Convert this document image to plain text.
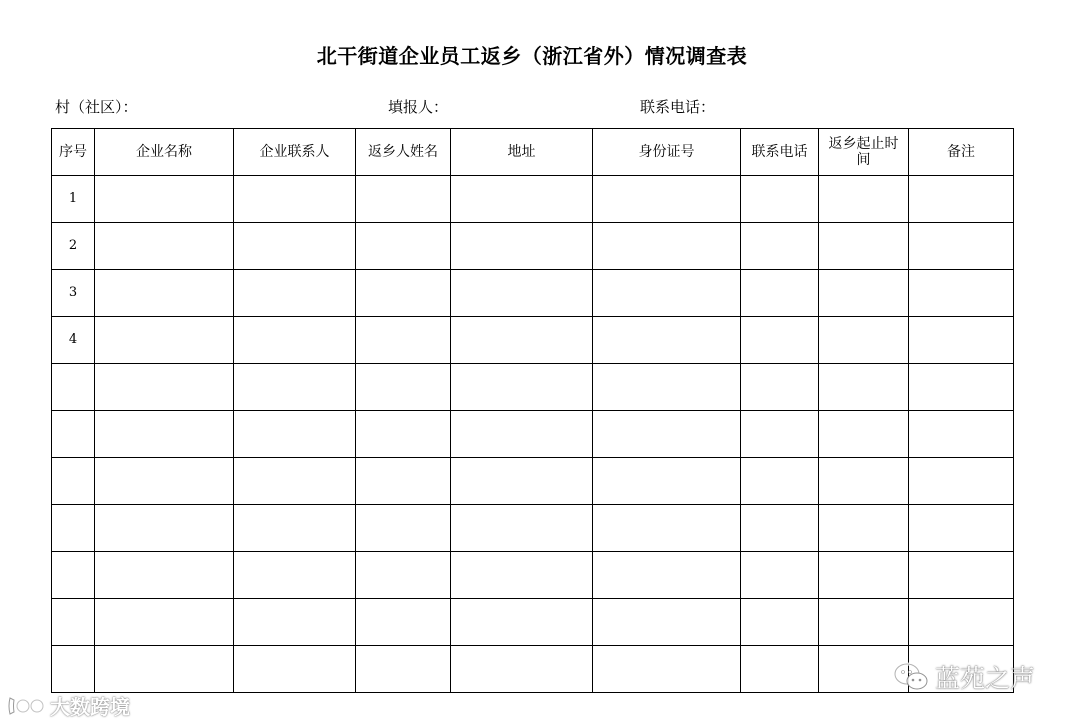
北干街道企业员工返乡（浙江省外）情况调查表
村（社区）：	填报人：	联系电话：
序号	企业名称	企业联系人	返乡人姓名	地址	身份证号	联系电话	返乡起止时间	备注
1								
2								
3								
4								

大数跨境
蓝苑之声
